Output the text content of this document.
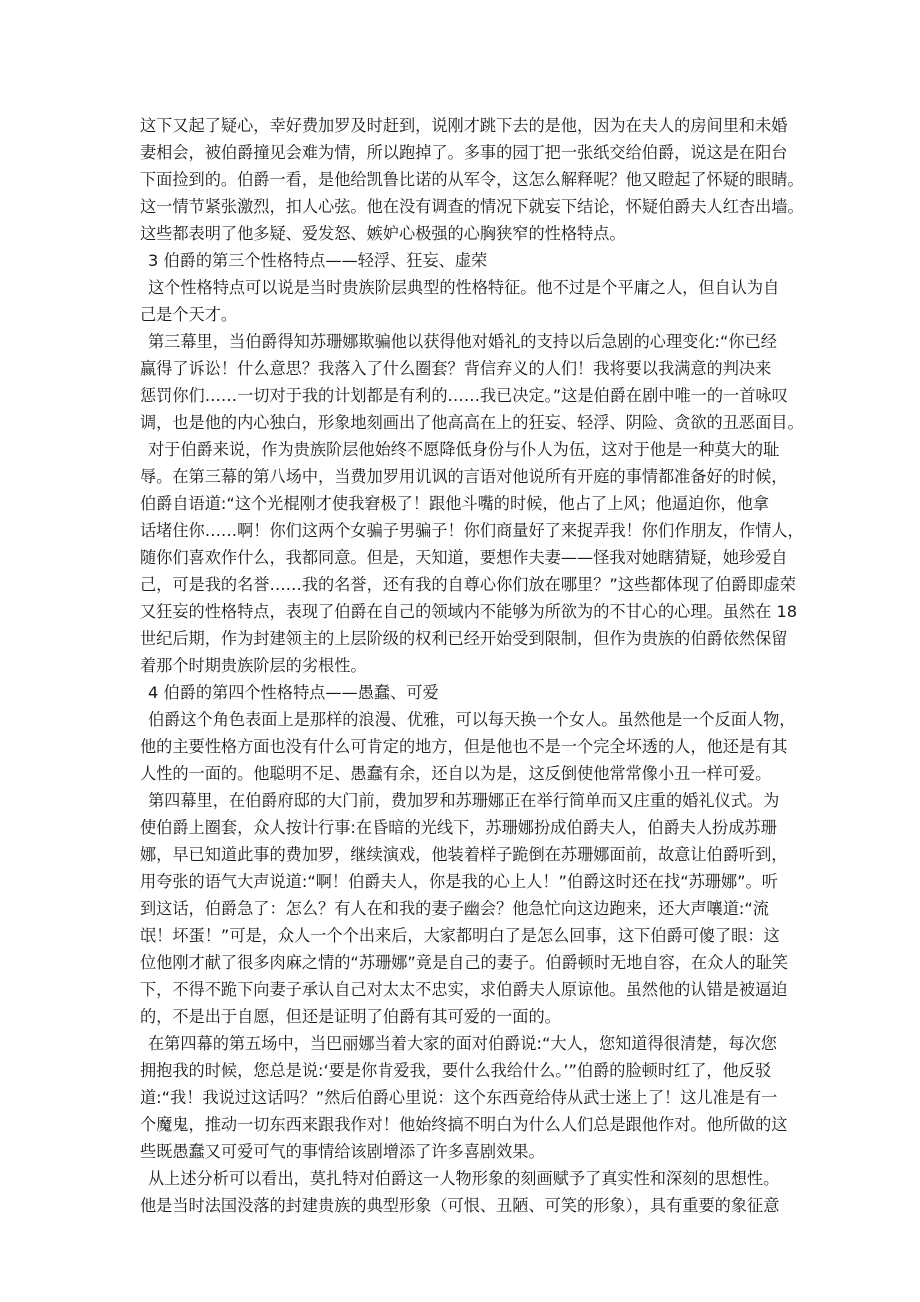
这下又起了疑心，幸好费加罗及时赶到，说刚才跳下去的是他，因为在夫人的房间里和未婚
妻相会，被伯爵撞见会难为情，所以跑掉了。多事的园丁把一张纸交给伯爵，说这是在阳台
下面捡到的。伯爵一看，是他给凯鲁比诺的从军令，这怎么解释呢？他又瞪起了怀疑的眼睛。
这一情节紧张激烈，扣人心弦。他在没有调查的情况下就妄下结论，怀疑伯爵夫人红杏出墙。
这些都表明了他多疑、爱发怒、嫉妒心极强的心胸狭窄的性格特点。
3 伯爵的第三个性格特点——轻浮、狂妄、虚荣
这个性格特点可以说是当时贵族阶层典型的性格特征。他不过是个平庸之人，但自认为自
己是个天才。
第三幕里，当伯爵得知苏珊娜欺骗他以获得他对婚礼的支持以后急剧的心理变化:“你已经
赢得了诉讼！什么意思？我落入了什么圈套？背信弃义的人们！我将要以我满意的判决来
惩罚你们……一切对于我的计划都是有利的……我已决定。”这是伯爵在剧中唯一的一首咏叹
调，也是他的内心独白，形象地刻画出了他高高在上的狂妄、轻浮、阴险、贪欲的丑恶面目。
对于伯爵来说，作为贵族阶层他始终不愿降低身份与仆人为伍，这对于他是一种莫大的耻
辱。在第三幕的第八场中，当费加罗用讥讽的言语对他说所有开庭的事情都准备好的时候，
伯爵自语道:“这个光棍刚才使我窘极了！跟他斗嘴的时候，他占了上风；他逼迫你，他拿
话堵住你……啊！你们这两个女骗子男骗子！你们商量好了来捉弄我！你们作朋友，作情人，
随你们喜欢作什么，我都同意。但是，天知道，要想作夫妻——怪我对她瞎猜疑，她珍爱自
己，可是我的名誉……我的名誉，还有我的自尊心你们放在哪里？”这些都体现了伯爵即虚荣
又狂妄的性格特点，表现了伯爵在自己的领域内不能够为所欲为的不甘心的心理。虽然在 18
世纪后期，作为封建领主的上层阶级的权利已经开始受到限制，但作为贵族的伯爵依然保留
着那个时期贵族阶层的劣根性。
4 伯爵的第四个性格特点——愚蠢、可爱
伯爵这个角色表面上是那样的浪漫、优雅，可以每天换一个女人。虽然他是一个反面人物，
他的主要性格方面也没有什么可肯定的地方，但是他也不是一个完全坏透的人，他还是有其
人性的一面的。他聪明不足、愚蠢有余，还自以为是，这反倒使他常常像小丑一样可爱。
第四幕里，在伯爵府邸的大门前，费加罗和苏珊娜正在举行简单而又庄重的婚礼仪式。为
使伯爵上圈套，众人按计行事:在昏暗的光线下，苏珊娜扮成伯爵夫人，伯爵夫人扮成苏珊
娜，早已知道此事的费加罗，继续演戏，他装着样子跪倒在苏珊娜面前，故意让伯爵听到，
用夸张的语气大声说道:“啊！伯爵夫人，你是我的心上人！”伯爵这时还在找“苏珊娜”。听
到这话，伯爵急了：怎么？有人在和我的妻子幽会？他急忙向这边跑来，还大声嚷道:“流
氓！坏蛋！”可是，众人一个个出来后，大家都明白了是怎么回事，这下伯爵可傻了眼：这
位他刚才献了很多肉麻之情的“苏珊娜”竟是自己的妻子。伯爵顿时无地自容，在众人的耻笑
下，不得不跪下向妻子承认自己对太太不忠实，求伯爵夫人原谅他。虽然他的认错是被逼迫
的，不是出于自愿，但还是证明了伯爵有其可爱的一面的。
在第四幕的第五场中，当巴丽娜当着大家的面对伯爵说:“大人，您知道得很清楚，每次您
拥抱我的时候，您总是说:‘要是你肯爱我，要什么我给什么。’”伯爵的脸顿时红了，他反驳
道:“我！我说过这话吗？”然后伯爵心里说：这个东西竟给侍从武士迷上了！这儿准是有一
个魔鬼，推动一切东西来跟我作对！他始终搞不明白为什么人们总是跟他作对。他所做的这
些既愚蠢又可爱可气的事情给该剧增添了许多喜剧效果。
从上述分析可以看出，莫扎特对伯爵这一人物形象的刻画赋予了真实性和深刻的思想性。
他是当时法国没落的封建贵族的典型形象（可恨、丑陋、可笑的形象），具有重要的象征意
